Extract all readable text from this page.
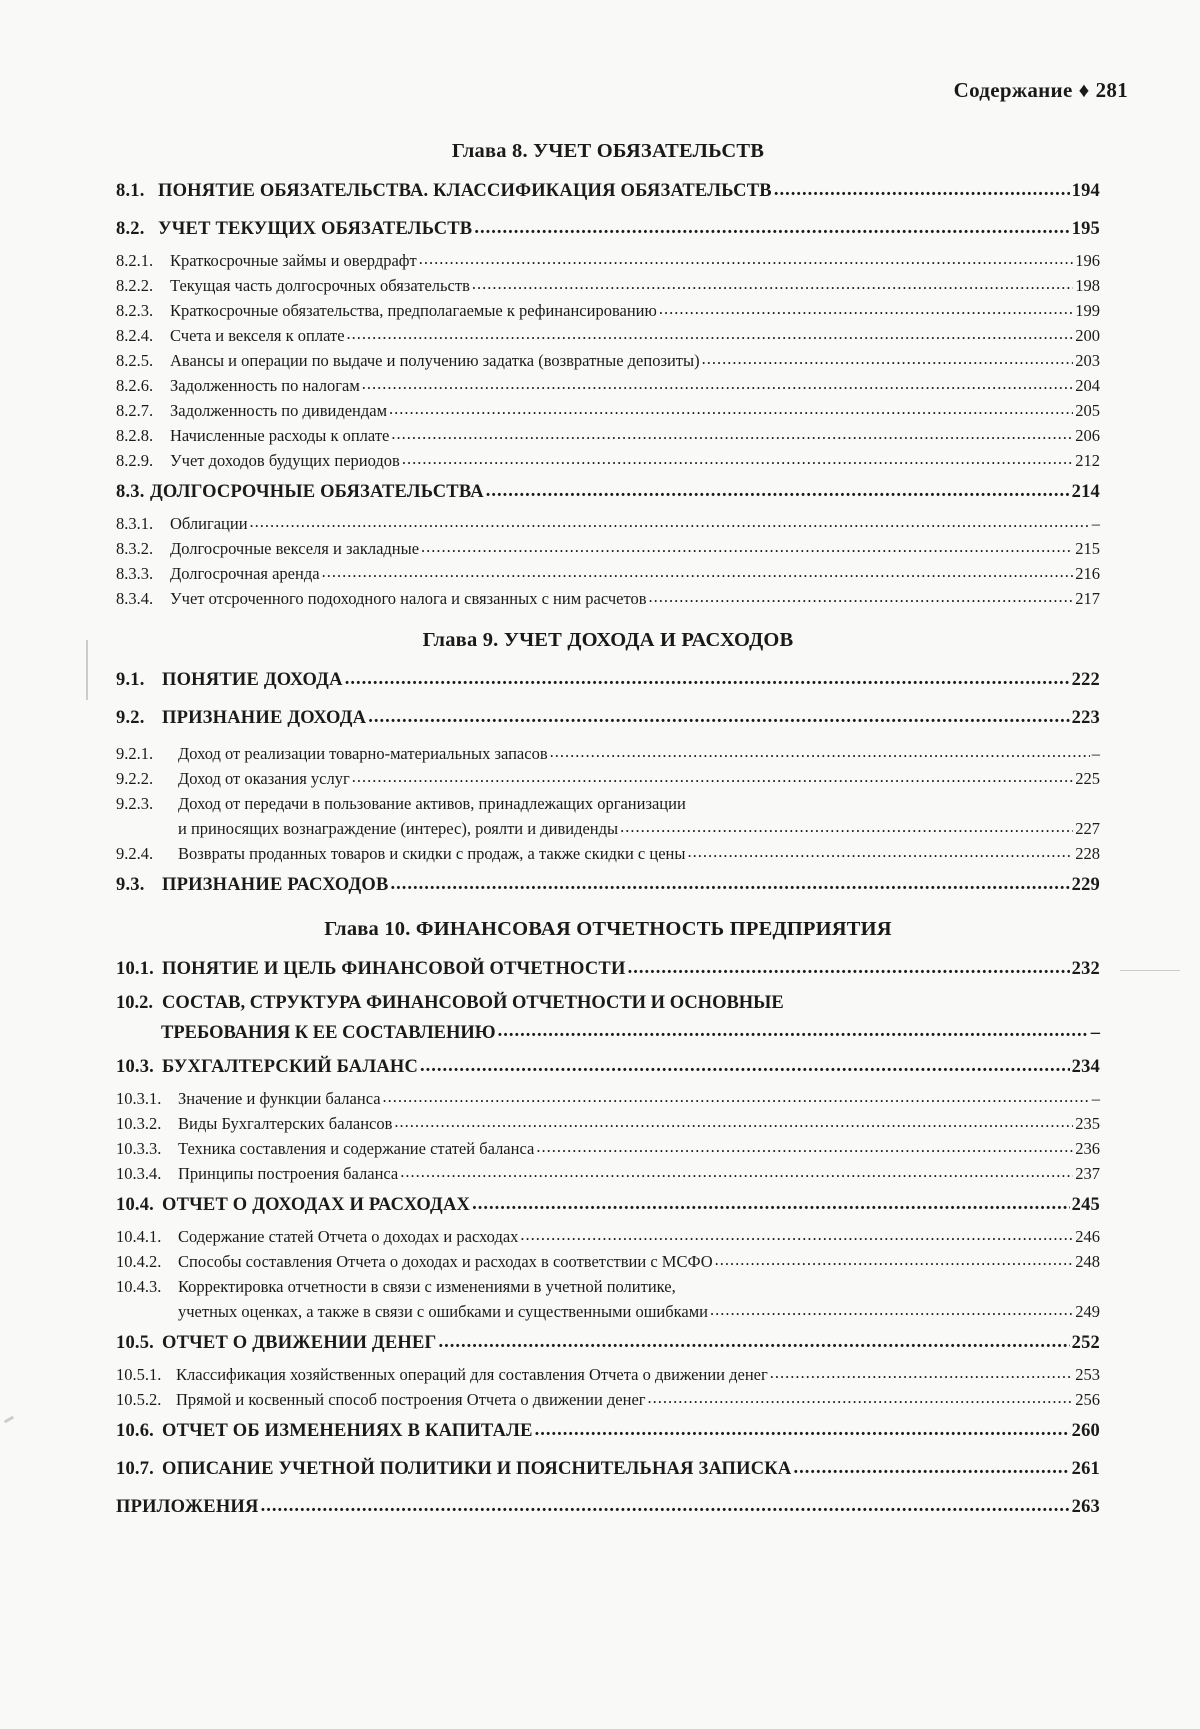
Содержание ♦ 281
Глава 8. УЧЕТ ОБЯЗАТЕЛЬСТВ
8.1. ПОНЯТИЕ ОБЯЗАТЕЛЬСТВА. КЛАССИФИКАЦИЯ ОБЯЗАТЕЛЬСТВ .....	194
8.2. УЧЕТ ТЕКУЩИХ ОБЯЗАТЕЛЬСТВ .....	195
8.2.1.	Краткосрочные займы и овердрафт .....	196
8.2.2.	Текущая часть долгосрочных обязательств .....	198
8.2.3.	Краткосрочные обязательства, предполагаемые к рефинансированию .....	199
8.2.4.	Счета и векселя к оплате .....	200
8.2.5.	Авансы и операции по выдаче и получению задатка (возвратные депозиты) .....	203
8.2.6.	Задолженность по налогам .....	204
8.2.7.	Задолженность по дивидендам .....	205
8.2.8.	Начисленные расходы к оплате .....	206
8.2.9.	Учет доходов будущих периодов .....	212
8.3. ДОЛГОСРОЧНЫЕ ОБЯЗАТЕЛЬСТВА .....	214
8.3.1.	Облигации .....	–
8.3.2.	Долгосрочные векселя и закладные .....	215
8.3.3.	Долгосрочная аренда .....	216
8.3.4.	Учет отсроченного подоходного налога и связанных с ним расчетов .....	217
Глава 9. УЧЕТ ДОХОДА И РАСХОДОВ
9.1. ПОНЯТИЕ ДОХОДА .....	222
9.2. ПРИЗНАНИЕ ДОХОДА .....	223
9.2.1.	Доход от реализации товарно-материальных запасов .....	–
9.2.2.	Доход от оказания услуг .....	225
9.2.3.	Доход от передачи в пользование активов, принадлежащих организации
и приносящих вознаграждение (интерес), роялти и дивиденды .....	227
9.2.4.	Возвраты проданных товаров и скидки с продаж, а также скидки с цены .....	228
9.3. ПРИЗНАНИЕ РАСХОДОВ .....	229
Глава 10. ФИНАНСОВАЯ ОТЧЕТНОСТЬ ПРЕДПРИЯТИЯ
10.1. ПОНЯТИЕ И ЦЕЛЬ ФИНАНСОВОЙ ОТЧЕТНОСТИ .....	232
10.2. СОСТАВ, СТРУКТУРА ФИНАНСОВОЙ ОТЧЕТНОСТИ И ОСНОВНЫЕ
ТРЕБОВАНИЯ К ЕЕ СОСТАВЛЕНИЮ .....	–
10.3. БУХГАЛТЕРСКИЙ БАЛАНС .....	234
10.3.1.	Значение и функции баланса .....	–
10.3.2.	Виды Бухгалтерских балансов .....	235
10.3.3.	Техника составления и содержание статей баланса .....	236
10.3.4.	Принципы построения баланса .....	237
10.4. ОТЧЕТ О ДОХОДАХ И РАСХОДАХ .....	245
10.4.1.	Содержание статей Отчета о доходах и расходах .....	246
10.4.2.	Способы составления Отчета о доходах и расходах в соответствии с МСФО .....	248
10.4.3.	Корректировка отчетности в связи с изменениями в учетной политике,
учетных оценках, а также в связи с ошибками и существенными ошибками .....	249
10.5. ОТЧЕТ О ДВИЖЕНИИ ДЕНЕГ .....	252
10.5.1. Классификация хозяйственных операций для составления Отчета о движении денег .....	253
10.5.2. Прямой и косвенный способ построения Отчета о движении денег .....	256
10.6. ОТЧЕТ ОБ ИЗМЕНЕНИЯХ В КАПИТАЛЕ .....	260
10.7. ОПИСАНИЕ УЧЕТНОЙ ПОЛИТИКИ И ПОЯСНИТЕЛЬНАЯ ЗАПИСКА .....	261
ПРИЛОЖЕНИЯ .....	263
